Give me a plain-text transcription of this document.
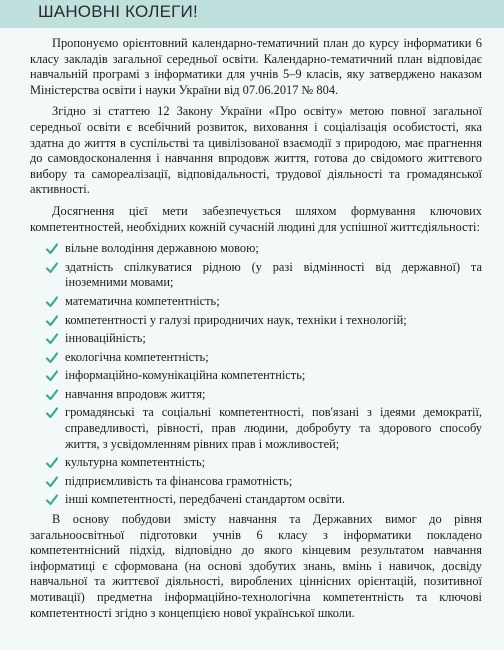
ШАНОВНІ КОЛЕГИ!

Пропонуємо орієнтовний календарно-тематичний план до курсу інформатики 6 класу закладів загальної середньої освіти. Календарно-тематичний план відповідає навчальній програмі з інформатики для учнів 5–9 класів, яку затверджено наказом Міністерства освіти і науки України від 07.06.2017 № 804.

Згідно зі статтею 12 Закону України «Про освіту» метою повної загальної середньої освіти є всебічний розвиток, виховання і соціалізація особистості, яка здатна до життя в суспільстві та цивілізованої взаємодії з природою, має прагнення до самовдосконалення і навчання впродовж життя, готова до свідомого життєвого вибору та самореалізації, відповідальності, трудової діяльності та громадянської активності.

Досягнення цієї мети забезпечується шляхом формування ключових компетентностей, необхідних кожній сучасній людині для успішної життєдіяльності:

вільне володіння державною мовою;
здатність спілкуватися рідною (у разі відмінності від державної) та іноземними мовами;
математична компетентність;
компетентності у галузі природничих наук, техніки і технологій;
інноваційність;
екологічна компетентність;
інформаційно-комунікаційна компетентність;
навчання впродовж життя;
громадянські та соціальні компетентності, пов'язані з ідеями демократії, справедливості, рівності, прав людини, добробуту та здорового способу життя, з усвідомленням рівних прав і можливостей;
культурна компетентність;
підприємливість та фінансова грамотність;
інші компетентності, передбачені стандартом освіти.

В основу побудови змісту навчання та Державних вимог до рівня загальноосвітньої підготовки учнів 6 класу з інформатики покладено компетентнісний підхід, відповідно до якого кінцевим результатом навчання інформатиці є сформована (на основі здобутих знань, вмінь і навичок, досвіду навчальної та життєвої діяльності, вироблених ціннісних орієнтацій, позитивної мотивації) предметна інформаційно-технологічна компетентність та ключові компетентності згідно з концепцією нової української школи.
